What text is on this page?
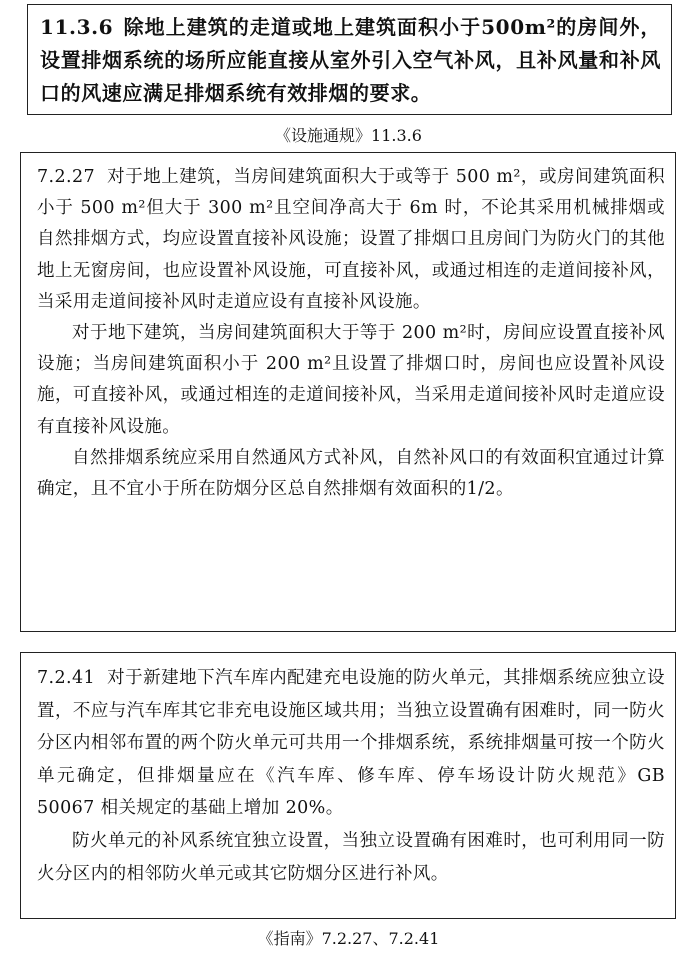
11.3.6 除地上建筑的走道或地上建筑面积小于500m²的房间外，设置排烟系统的场所应能直接从室外引入空气补风，且补风量和补风口的风速应满足排烟系统有效排烟的要求。

《设施通规》11.3.6

7.2.27 对于地上建筑，当房间建筑面积大于或等于 500 m²，或房间建筑面积小于 500 m²但大于 300 m²且空间净高大于 6m 时，不论其采用机械排烟或自然排烟方式，均应设置直接补风设施；设置了排烟口且房间门为防火门的其他地上无窗房间，也应设置补风设施，可直接补风，或通过相连的走道间接补风，当采用走道间接补风时走道应设有直接补风设施。

对于地下建筑，当房间建筑面积大于等于 200 m²时，房间应设置直接补风设施；当房间建筑面积小于 200 m²且设置了排烟口时，房间也应设置补风设施，可直接补风，或通过相连的走道间接补风，当采用走道间接补风时走道应设有直接补风设施。

自然排烟系统应采用自然通风方式补风，自然补风口的有效面积宜通过计算确定，且不宜小于所在防烟分区总自然排烟有效面积的1/2。

7.2.41 对于新建地下汽车库内配建充电设施的防火单元，其排烟系统应独立设置，不应与汽车库其它非充电设施区域共用；当独立设置确有困难时，同一防火分区内相邻布置的两个防火单元可共用一个排烟系统，系统排烟量可按一个防火单元确定，但排烟量应在《汽车库、修车库、停车场设计防火规范》GB 50067 相关规定的基础上增加 20%。

防火单元的补风系统宜独立设置，当独立设置确有困难时，也可利用同一防火分区内的相邻防火单元或其它防烟分区进行补风。

《指南》7.2.27、7.2.41
